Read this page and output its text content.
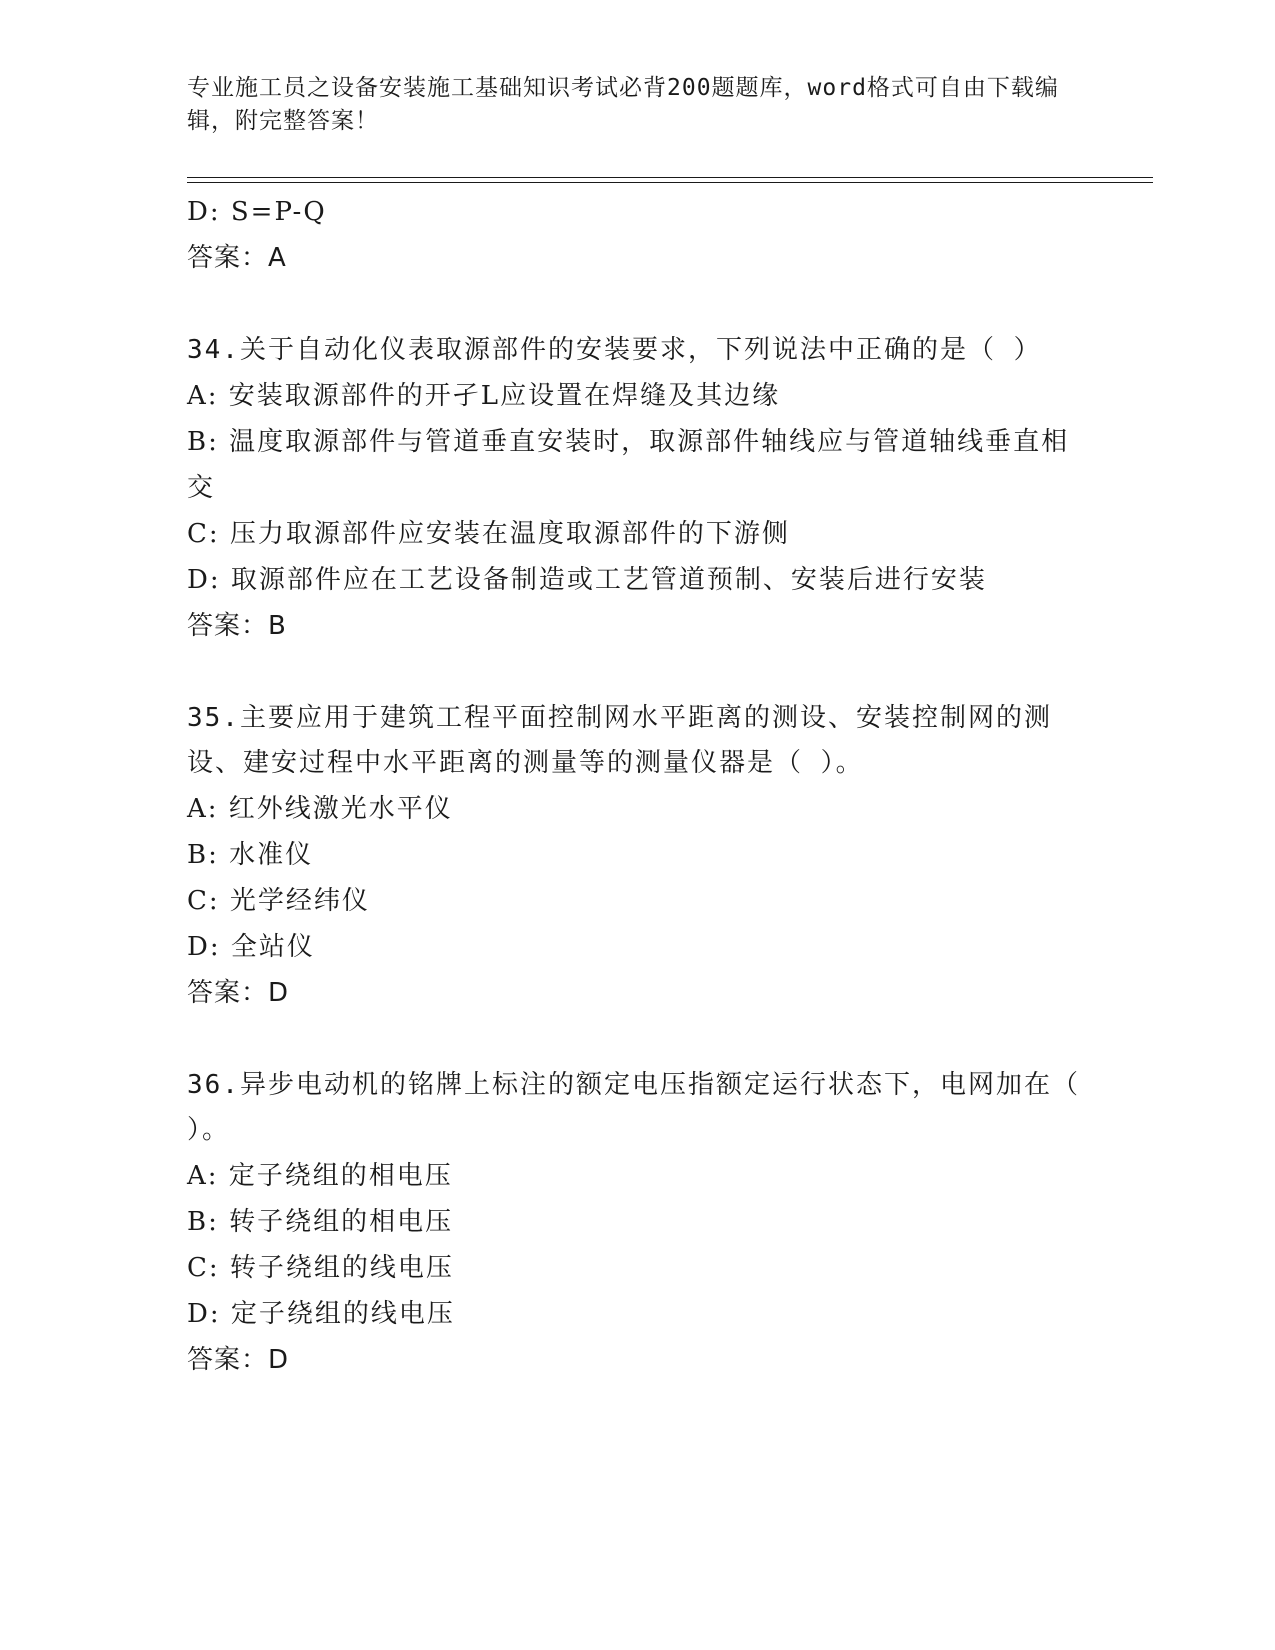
专业施工员之设备安装施工基础知识考试必背200题题库，word格式可自由下载编辑，附完整答案！
D: S=P-Q
答案：A
34.关于自动化仪表取源部件的安装要求，下列说法中正确的是（ ）
A: 安装取源部件的开孑L应设置在焊缝及其边缘
B: 温度取源部件与管道垂直安装时，取源部件轴线应与管道轴线垂直相交
C: 压力取源部件应安装在温度取源部件的下游侧
D: 取源部件应在工艺设备制造或工艺管道预制、安装后进行安装
答案：B
35.主要应用于建筑工程平面控制网水平距离的测设、安装控制网的测设、建安过程中水平距离的测量等的测量仪器是（ ）。
A: 红外线激光水平仪
B: 水准仪
C: 光学经纬仪
D: 全站仪
答案：D
36.异步电动机的铭牌上标注的额定电压指额定运行状态下，电网加在（ ）。
A: 定子绕组的相电压
B: 转子绕组的相电压
C: 转子绕组的线电压
D: 定子绕组的线电压
答案：D
